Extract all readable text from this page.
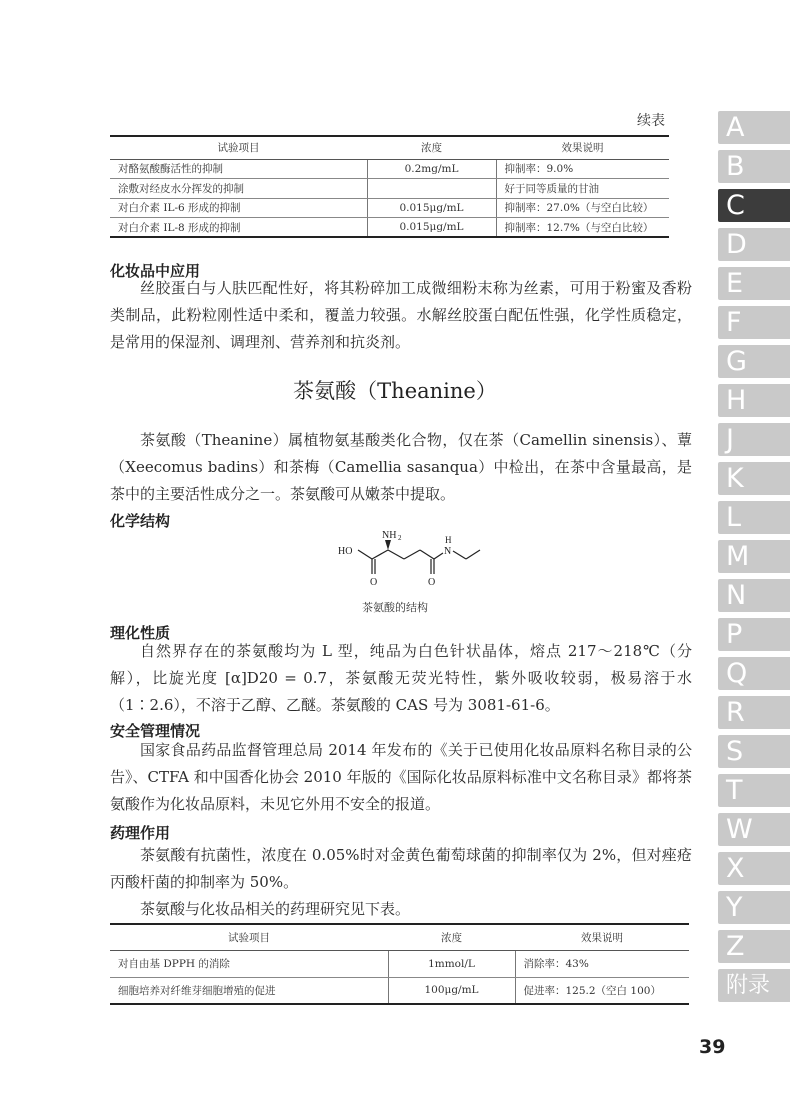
续表
试验项目	浓度	效果说明
对酪氨酸酶活性的抑制	0.2mg/mL	抑制率：9.0%
涂敷对经皮水分挥发的抑制		好于同等质量的甘油
对白介素 IL-6 形成的抑制	0.015μg/mL	抑制率：27.0%（与空白比较）
对白介素 IL-8 形成的抑制	0.015μg/mL	抑制率：12.7%（与空白比较）
化妆品中应用
丝胶蛋白与人肤匹配性好，将其粉碎加工成微细粉末称为丝素，可用于粉蜜及香粉类制品，此粉粒刚性适中柔和，覆盖力较强。水解丝胶蛋白配伍性强，化学性质稳定，是常用的保湿剂、调理剂、营养剂和抗炎剂。
茶氨酸（Theanine）
茶氨酸（Theanine）属植物氨基酸类化合物，仅在茶（Camellin sinensis）、蕈（Xeecomus badins）和茶梅（Camellia sasanqua）中检出，在茶中含量最高，是茶中的主要活性成分之一。茶氨酸可从嫩茶中提取。
化学结构
HO
O
NH 2
O
N
H
茶氨酸的结构
理化性质
自然界存在的茶氨酸均为 L 型，纯品为白色针状晶体，熔点 217～218℃（分解），比旋光度 [α]D20 = 0.7，茶氨酸无荧光特性，紫外吸收较弱，极易溶于水（1∶2.6），不溶于乙醇、乙醚。茶氨酸的 CAS 号为 3081-61-6。
安全管理情况
国家食品药品监督管理总局 2014 年发布的《关于已使用化妆品原料名称目录的公告》、CTFA 和中国香化协会 2010 年版的《国际化妆品原料标准中文名称目录》都将茶氨酸作为化妆品原料，未见它外用不安全的报道。
药理作用
茶氨酸有抗菌性，浓度在 0.05%时对金黄色葡萄球菌的抑制率仅为 2%，但对痤疮丙酸杆菌的抑制率为 50%。
茶氨酸与化妆品相关的药理研究见下表。
试验项目	浓度	效果说明
对自由基 DPPH 的消除	1mmol/L	消除率：43%
细胞培养对纤维芽细胞增殖的促进	100μg/mL	促进率：125.2（空白 100）
A
B
C
D
E
F
G
H
J
K
L
M
N
P
Q
R
S
T
W
X
Y
Z
附录
39
